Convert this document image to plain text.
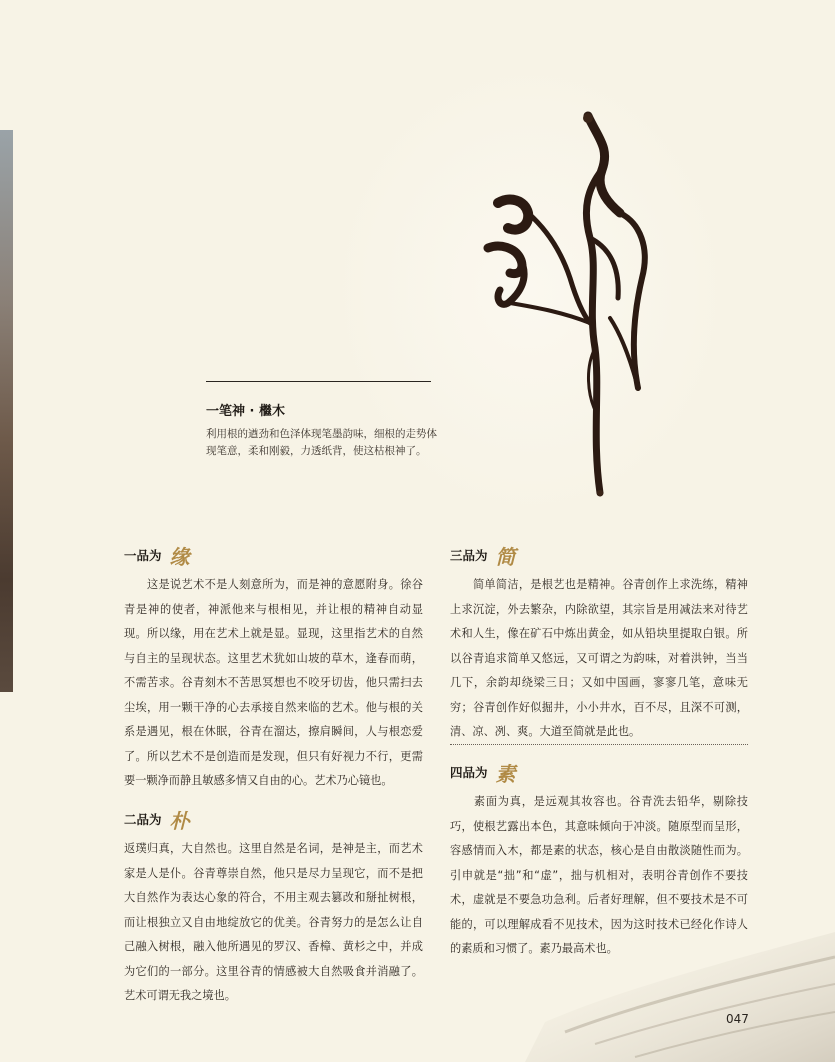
一笔神 · 檵木
利用根的遒劲和色泽体现笔墨韵味，细根的走势体现笔意，柔和刚毅，力透纸背，使这枯根神了。
一品为 缘
　　这是说艺术不是人刻意所为，而是神的意愿附身。徐谷青是神的使者，神派他来与根相见，并让根的精神自动显现。所以缘，用在艺术上就是显。显现，这里指艺术的自然与自主的呈现状态。这里艺术犹如山坡的草木，逢春而萌，不需苦求。谷青刻木不苦思冥想也不咬牙切齿，他只需扫去尘埃，用一颗干净的心去承接自然来临的艺术。他与根的关系是遇见，根在休眠，谷青在溜达，擦肩瞬间，人与根恋爱了。所以艺术不是创造而是发现，但只有好视力不行，更需要一颗净而静且敏感多情又自由的心。艺术乃心镜也。
二品为 朴
返璞归真，大自然也。这里自然是名词，是神是主，而艺术家是人是仆。谷青尊崇自然，他只是尽力呈现它，而不是把大自然作为表达心象的符合，不用主观去篡改和掰扯树根，而让根独立又自由地绽放它的优美。谷青努力的是怎么让自己融入树根，融入他所遇见的罗汉、香樟、黄杉之中，并成为它们的一部分。这里谷青的情感被大自然吸食并消融了。艺术可谓无我之境也。
三品为 简
　　简单简洁，是根艺也是精神。谷青创作上求洗练，精神上求沉淀，外去繁杂，内除欲望，其宗旨是用减法来对待艺术和人生，像在矿石中炼出黄金，如从铅块里提取白银。所以谷青追求简单又悠远，又可谓之为韵味，对着洪钟，当当几下，余韵却绕梁三日；又如中国画，寥寥几笔，意味无穷；谷青创作好似掘井，小小井水，百不尽，且深不可测，清、凉、冽、爽。大道至简就是此也。
四品为 素
　　素面为真，是远观其妆容也。谷青洗去铅华，剔除技巧，使根艺露出本色，其意味倾向于冲淡。随原型而呈形，容感情而入木，都是素的状态，核心是自由散淡随性而为。引申就是“拙”和“虚”，拙与机相对，表明谷青创作不要技术，虚就是不要急功急利。后者好理解，但不要技术是不可能的，可以理解成看不见技术，因为这时技术已经化作诗人的素质和习惯了。素乃最高术也。
047
